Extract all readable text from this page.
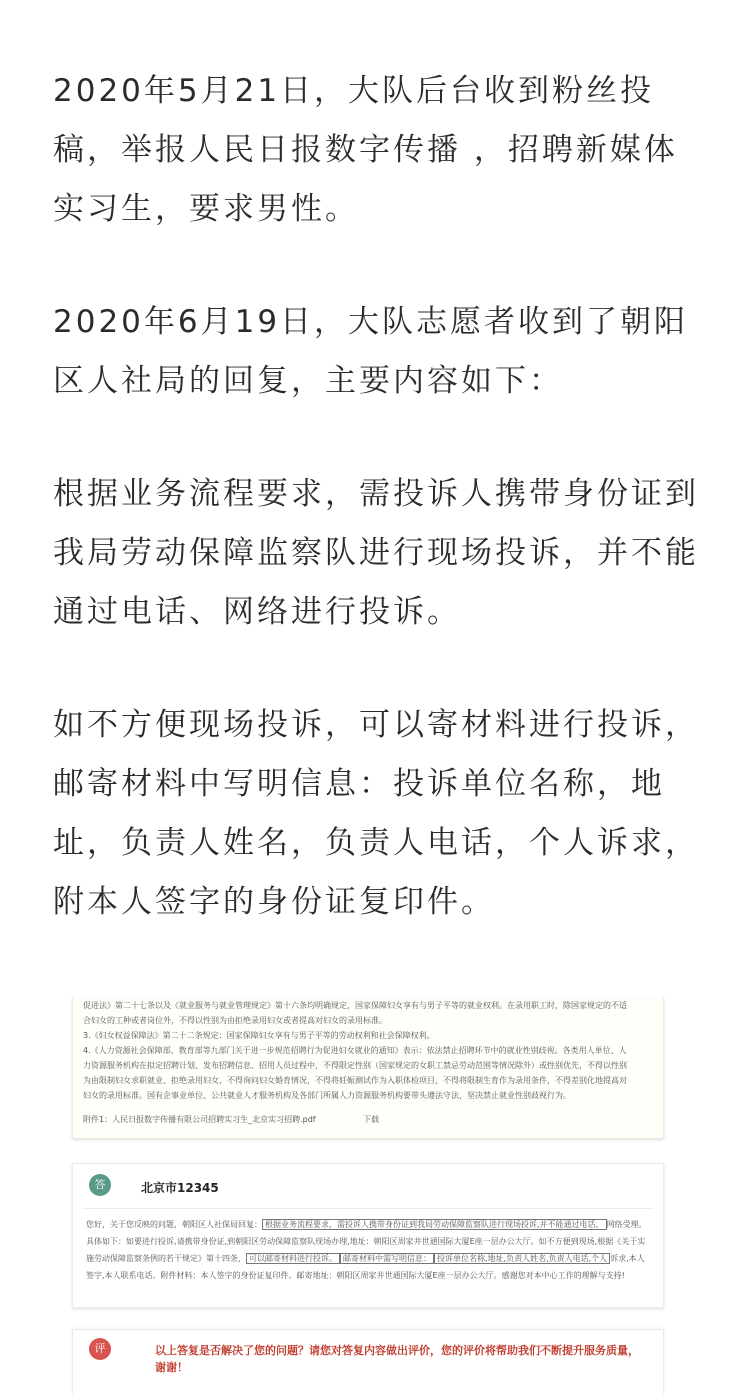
2020年5月21日，大队后台收到粉丝投稿，举报人民日报数字传播 ，招聘新媒体实习生，要求男性。

2020年6月19日，大队志愿者收到了朝阳区人社局的回复，主要内容如下：

根据业务流程要求，需投诉人携带身份证到我局劳动保障监察队进行现场投诉，并不能通过电话、网络进行投诉。

如不方便现场投诉，可以寄材料进行投诉，邮寄材料中写明信息：投诉单位名称，地址，负责人姓名，负责人电话，个人诉求，附本人签字的身份证复印件。

促进法》第二十七条以及《就业服务与就业管理规定》第十六条均明确规定，国家保障妇女享有与男子平等的就业权利。在录用职工时，除国家规定的不适

合妇女的工种或者岗位外，不得以性别为由拒绝录用妇女或者提高对妇女的录用标准。

3.《妇女权益保障法》第二十二条规定：国家保障妇女享有与男子平等的劳动权利和社会保障权利。

4.《人力资源社会保障部、教育部等九部门关于进一步规范招聘行为促进妇女就业的通知》表示：依法禁止招聘环节中的就业性别歧视。各类用人单位、人

力资源服务机构在拟定招聘计划、发布招聘信息、招用人员过程中，不得限定性别（国家规定的女职工禁忌劳动范围等情况除外）或性别优先，不得以性别

为由限制妇女求职就业、拒绝录用妇女，不得询问妇女婚育情况，不得将妊娠测试作为入职体检项目，不得将限制生育作为录用条件，不得差别化地提高对

妇女的录用标准。国有企事业单位、公共就业人才服务机构及各部门所属人力资源服务机构要带头遵法守法，坚决禁止就业性别歧视行为。

附件1：人民日报数字传播有限公司招聘实习生_北京实习招聘.pdf	下载
答	北京市12345
您好，关于您反映的问题，朝阳区人社保局回复： 根据业务流程要求，需投诉人携带身份证到我局劳动保障监察队进行现场投诉,并不能通过电话、 网络受理。具体如下：如要进行投诉,请携带身份证,到朝阳区劳动保障监察队现场办理,地址：朝阳区周家井世通国际大厦E座一层办公大厅。如不方便到现场,根据《关于实施劳动保障监察条例的若干规定》第十四条， 可以邮寄材料进行投诉。 邮寄材料中需写明信息： 投诉单位名称,地址,负责人姓名,负责人电话,个人 诉求,本人签字,本人联系电话。附件材料：本人签字的身份证复印件。邮寄地址：朝阳区周家井世通国际大厦E座一层办公大厅。感谢您对本中心工作的理解与支持!
评	以上答复是否解决了您的问题？请您对答复内容做出评价，您的评价将帮助我们不断提升服务质量，谢谢！
